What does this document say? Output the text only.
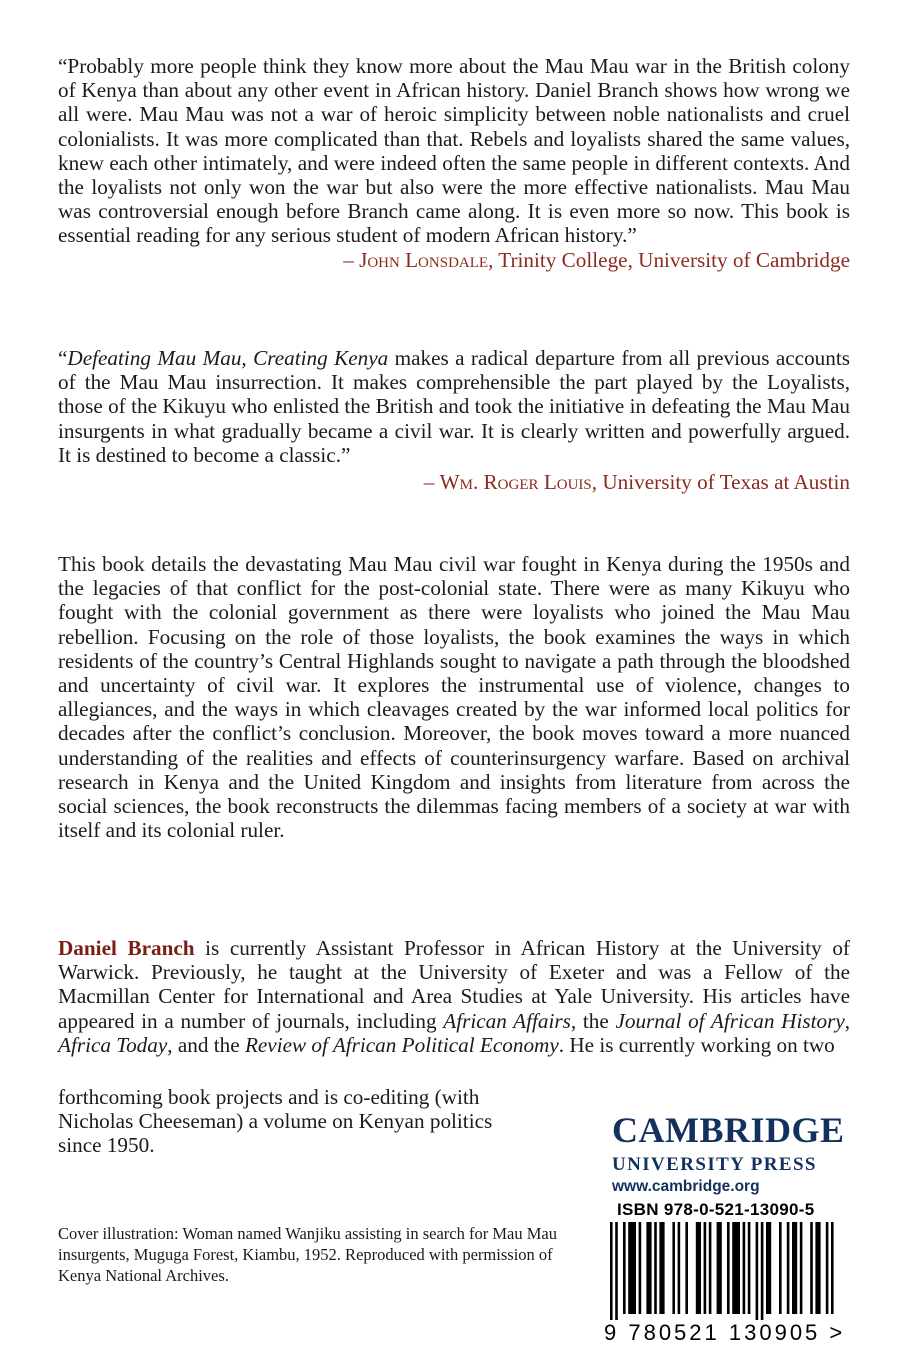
“Probably more people think they know more about the Mau Mau war in the British colony of Kenya than about any other event in African history. Daniel Branch shows how wrong we all were. Mau Mau was not a war of heroic simplicity between noble nationalists and cruel colonialists. It was more complicated than that. Rebels and loyalists shared the same values, knew each other intimately, and were indeed often the same people in different contexts. And the loyalists not only won the war but also were the more effective nationalists. Mau Mau was controversial enough before Branch came along. It is even more so now. This book is essential reading for any serious student of modern African history.”
– John Lonsdale, Trinity College, University of Cambridge

“Defeating Mau Mau, Creating Kenya makes a radical departure from all previous accounts of the Mau Mau insurrection. It makes comprehensible the part played by the Loyalists, those of the Kikuyu who enlisted the British and took the initiative in defeating the Mau Mau insurgents in what gradually became a civil war. It is clearly written and powerfully argued. It is destined to become a classic.”
– Wm. Roger Louis, University of Texas at Austin

This book details the devastating Mau Mau civil war fought in Kenya during the 1950s and the legacies of that conflict for the post-colonial state. There were as many Kikuyu who fought with the colonial government as there were loyalists who joined the Mau Mau rebellion. Focusing on the role of those loyalists, the book examines the ways in which residents of the country’s Central Highlands sought to navigate a path through the bloodshed and uncertainty of civil war. It explores the instrumental use of violence, changes to allegiances, and the ways in which cleavages created by the war informed local politics for decades after the conflict’s conclusion. Moreover, the book moves toward a more nuanced understanding of the realities and effects of counterinsurgency warfare. Based on archival research in Kenya and the United Kingdom and insights from literature from across the social sciences, the book reconstructs the dilemmas facing members of a society at war with itself and its colonial ruler.

Daniel Branch is currently Assistant Professor in African History at the University of Warwick. Previously, he taught at the University of Exeter and was a Fellow of the Macmillan Center for International and Area Studies at Yale University. His articles have appeared in a number of journals, including African Affairs, the Journal of African History, Africa Today, and the Review of African Political Economy. He is currently working on two

forthcoming book projects and is co-editing (with Nicholas Cheeseman) a volume on Kenyan politics since 1950.

Cover illustration: Woman named Wanjiku assisting in search for Mau Mau insurgents, Muguga Forest, Kiambu, 1952. Reproduced with permission of Kenya National Archives.

CAMBRIDGE
UNIVERSITY PRESS
www.cambridge.org
ISBN 978-0-521-13090-5
9 780521 130905 >
